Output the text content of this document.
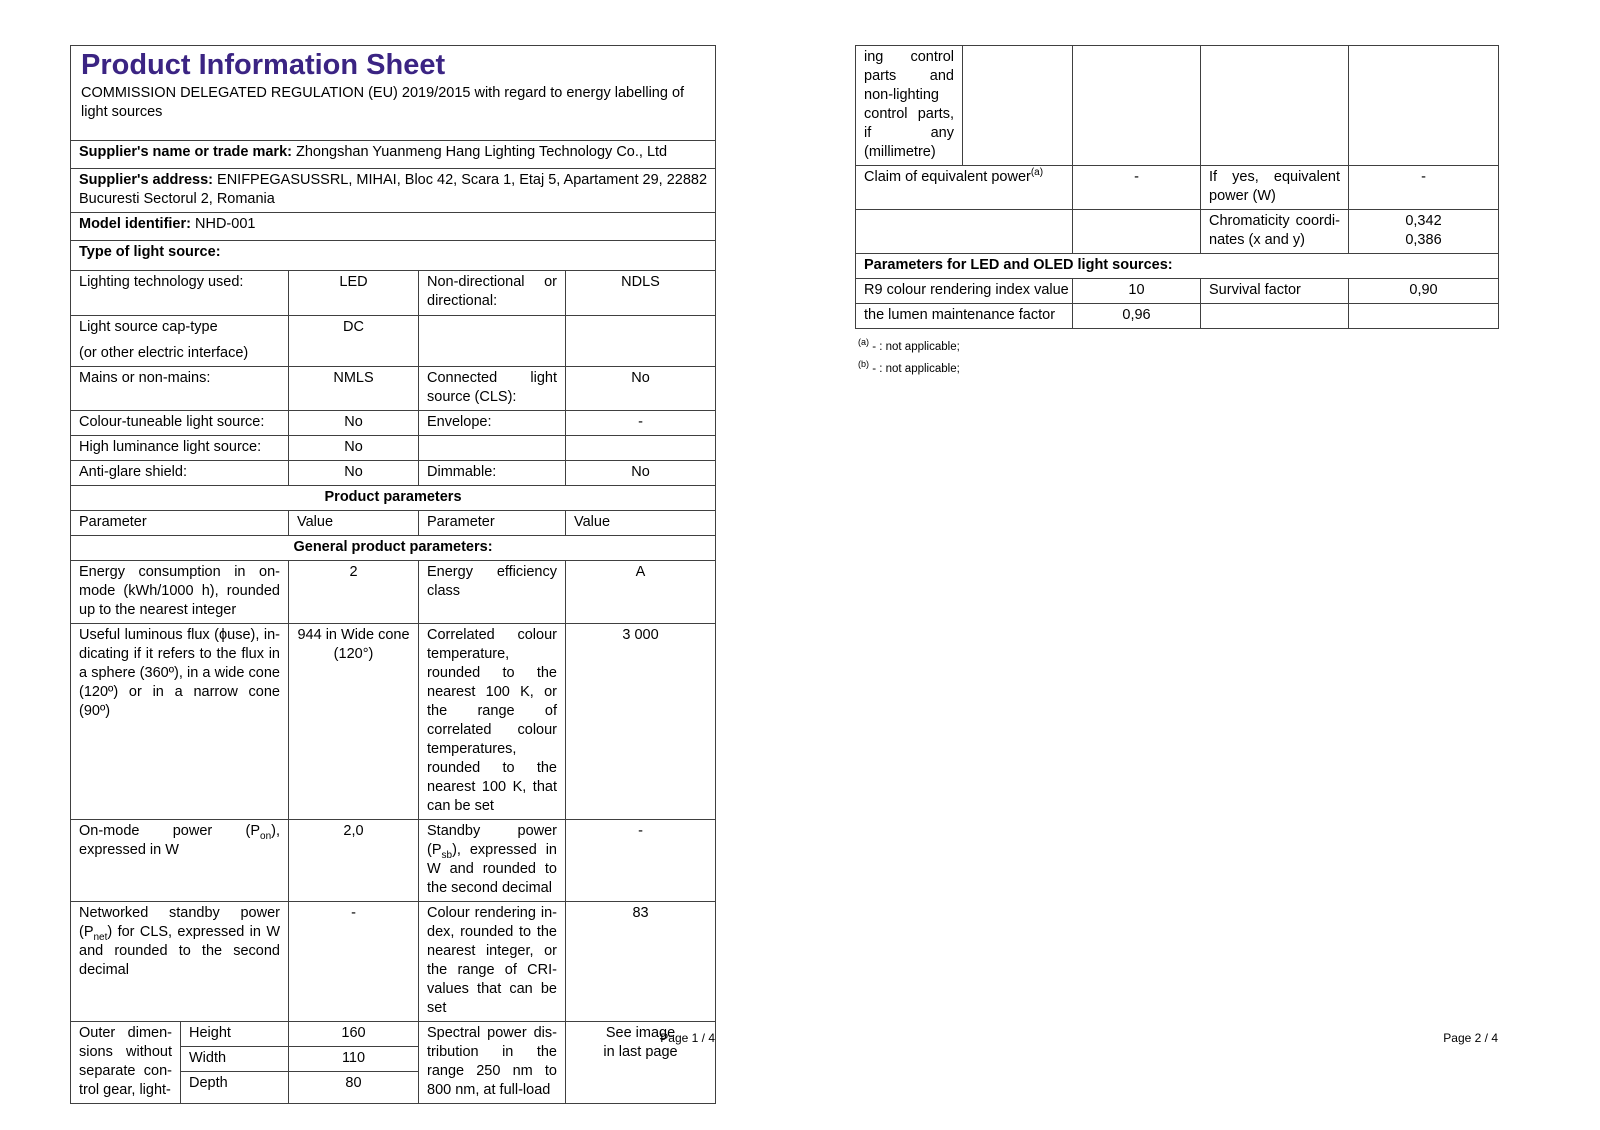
Product Information Sheet
COMMISSION DELEGATED REGULATION (EU) 2019/2015 with regard to energy labelling of light sources				

Supplier's name or trade mark: Zhongshan Yuanmeng Hang Lighting Technology Co., Ltd				
Supplier's address: ENIFPEGASUSSRL, MIHAI, Bloc 42, Scara 1, Etaj 5, Apartament 29, 22882 Bucuresti Sectorul 2, Romania				
Model identifier: NHD-001				
Type of light source:				
Lighting technology used:		LED	Non-directional or directional:	NDLS

Light source cap-type
(or other electric interface)		DC		
Mains or non-mains:		NMLS	Connected light source (CLS):	No
Colour-tuneable light source:		No	Envelope:	-
High luminance light source:		No		
Anti-glare shield:		No	Dimmable:	No
Product parameters				
Parameter		Value	Parameter	Value
General product parameters:				
Energy consumption in on-mode (kWh/1000 h), rounded up to the nearest integer		2	Energy efficiency class	A
Useful luminous flux (ϕuse), indicating if it refers to the flux in a sphere (360º), in a wide cone (120º) or in a narrow cone (90º)		944 in Wide cone (120°)	Correlated colour temperature, rounded to the nearest 100 K, or the range of correlated colour temperatures, rounded to the nearest 100 K, that can be set	3 000
On-mode power $(P_{on})$, expressed in W		2,0	Standby power $(P_{sb})$, expressed in W and rounded to the second decimal	-
Networked standby power $(P_{net})$ for CLS, expressed in W and rounded to the second decimal		-	Colour rendering index, rounded to the nearest integer, or the range of CRI-values that can be set	83
Outer dimensions without separate control gear, light-	Height	160	Spectral power distribution in the range 250 nm to 800 nm, at full-load	See image
in last page

	Width	110		
	Depth	80		
ing control parts and non-lighting control parts, if any (millimetre)				
Claim of equivalent power$^{(a)}$		-	If yes, equivalent power (W)	-
			Chromaticity coordinates (x and y)	0,342
0,386

Parameters for LED and OLED light sources:				
R9 colour rendering index value		10	Survival factor	0,90
the lumen maintenance factor		0,96		
$^{(a)}$ - : not applicable;
$^{(b)}$ - : not applicable;
Page 1 / 4	Page 2 / 4
